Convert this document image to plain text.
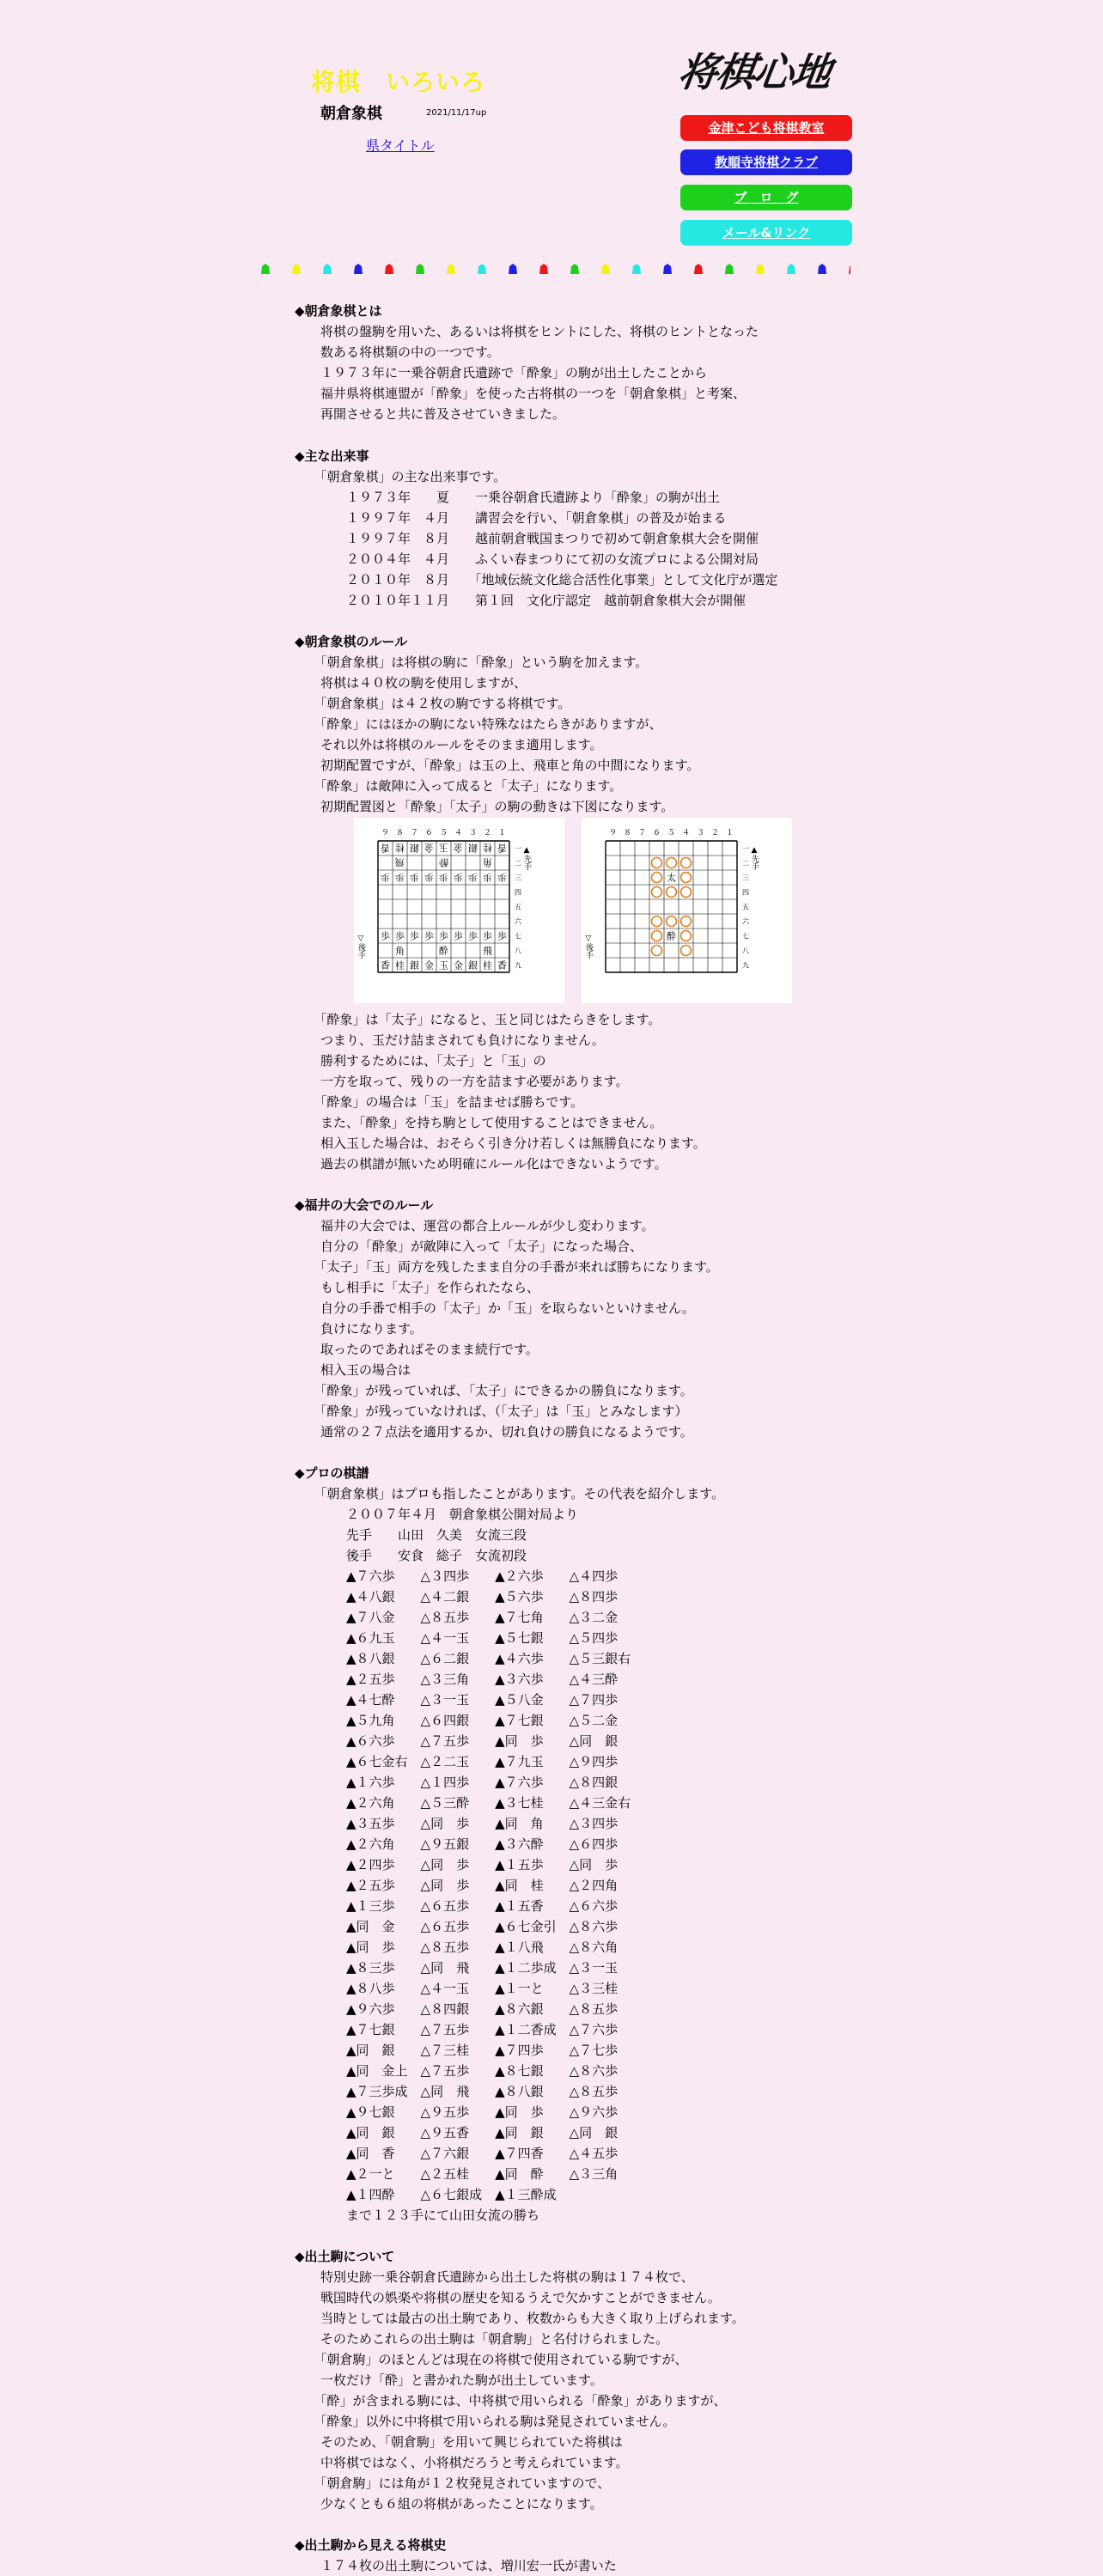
将棋　いろいろ
朝倉象棋	2021/11/17up
県タイトル
将棋心地
金津こども将棋教室
教順寺将棋クラブ
ブ　ロ　グ
メール&リンク
◆朝倉象棋とは
　　将棋の盤駒を用いた、あるいは将棋をヒントにした、将棋のヒントとなった
　　数ある将棋類の中の一つです。
　　１９７３年に一乗谷朝倉氏遺跡で「酔象」の駒が出土したことから
　　福井県将棋連盟が「酔象」を使った古将棋の一つを「朝倉象棋」と考案、
　　再開させると共に普及させていきました。
◆主な出来事
　　「朝倉象棋」の主な出来事です。
　　　　１９７３年　　夏　　一乗谷朝倉氏遺跡より「酔象」の駒が出土
　　　　１９９７年　４月　　講習会を行い、「朝倉象棋」の普及が始まる
　　　　１９９７年　８月　　越前朝倉戦国まつりで初めて朝倉象棋大会を開催
　　　　２００４年　４月　　ふくい春まつりにて初の女流プロによる公開対局
　　　　２０１０年　８月　　「地域伝統文化総合活性化事業」として文化庁が選定
　　　　２０１０年１１月　　第１回　文化庁認定　越前朝倉象棋大会が開催
◆朝倉象棋のルール
　　「朝倉象棋」は将棋の駒に「酔象」という駒を加えます。
　　将棋は４０枚の駒を使用しますが、
　　「朝倉象棋」は４２枚の駒でする将棋です。
　　「酔象」にはほかの駒にない特殊なはたらきがありますが、
　　それ以外は将棋のルールをそのまま適用します。
　　初期配置ですが、「酔象」は玉の上、飛車と角の中間になります。
　　「酔象」は敵陣に入って成ると「太子」になります。
　　初期配置図と「酔象」「太子」の駒の動きは下図になります。
９ ８ ７ ６ ５ ４ ３ ２ １
一
二
三
四
五
六
七
八
九
▲先手
▽後手
香 桂 銀 金 玉 金 銀 桂 香
飛	酔	角
歩
歩
歩
歩
歩
歩
歩
歩
歩
歩
歩
歩
歩
歩
歩
歩
歩
歩
角	酔	飛
香 桂 銀 金 玉 金 銀 桂 香
９ ８ ７ ６ ５ ４ ３ ２ １
一
二
三
四
五
六
七
八
九
▲先手
▽後手
太
酔
　　「酔象」は「太子」になると、玉と同じはたらきをします。
　　つまり、玉だけ詰まされても負けになりません。
　　勝利するためには、「太子」と「玉」の
　　一方を取って、残りの一方を詰ます必要があります。
　　「酔象」の場合は「玉」を詰ませば勝ちです。
　　また、「酔象」を持ち駒として使用することはできません。
　　相入玉した場合は、おそらく引き分け若しくは無勝負になります。
　　過去の棋譜が無いため明確にルール化はできないようです。
◆福井の大会でのルール
　　福井の大会では、運営の都合上ルールが少し変わります。
　　自分の「酔象」が敵陣に入って「太子」になった場合、
　　「太子」「玉」両方を残したまま自分の手番が来れば勝ちになります。
　　もし相手に「太子」を作られたなら、
　　自分の手番で相手の「太子」か「玉」を取らないといけません。
　　負けになります。
　　取ったのであればそのまま続行です。
　　相入玉の場合は
　　「酔象」が残っていれば、「太子」にできるかの勝負になります。
　　「酔象」が残っていなければ、（「太子」は「玉」とみなします）
　　通常の２７点法を適用するか、切れ負けの勝負になるようです。
◆プロの棋譜
　　「朝倉象棋」はプロも指したことがあります。その代表を紹介します。
　　　　２００７年４月　朝倉象棋公開対局より
　　　　先手　　山田　久美　女流三段
　　　　後手　　安食　総子　女流初段
　　　　▲７六歩　　△３四歩　　▲２六歩　　△４四歩
　　　　▲４八銀　　△４二銀　　▲５六歩　　△８四歩
　　　　▲７八金　　△８五歩　　▲７七角　　△３二金
　　　　▲６九玉　　△４一玉　　▲５七銀　　△５四歩
　　　　▲８八銀　　△６二銀　　▲４六歩　　△５三銀右
　　　　▲２五歩　　△３三角　　▲３六歩　　△４三酔
　　　　▲４七酔　　△３一玉　　▲５八金　　△７四歩
　　　　▲５九角　　△６四銀　　▲７七銀　　△５二金
　　　　▲６六歩　　△７五歩　　▲同　歩　　△同　銀
　　　　▲６七金右　△２二玉　　▲７九玉　　△９四歩
　　　　▲１六歩　　△１四歩　　▲７六歩　　△８四銀
　　　　▲２六角　　△５三酔　　▲３七桂　　△４三金右
　　　　▲３五歩　　△同　歩　　▲同　角　　△３四歩
　　　　▲２六角　　△９五銀　　▲３六酔　　△６四歩
　　　　▲２四歩　　△同　歩　　▲１五歩　　△同　歩
　　　　▲２五歩　　△同　歩　　▲同　桂　　△２四角
　　　　▲１三歩　　△６五歩　　▲１五香　　△６六歩
　　　　▲同　金　　△６五歩　　▲６七金引　△８六歩
　　　　▲同　歩　　△８五歩　　▲１八飛　　△８六角
　　　　▲８三歩　　△同　飛　　▲１二歩成　△３一玉
　　　　▲８八歩　　△４一玉　　▲１一と　　△３三桂
　　　　▲９六歩　　△８四銀　　▲８六銀　　△８五歩
　　　　▲７七銀　　△７五歩　　▲１二香成　△７六歩
　　　　▲同　銀　　△７三桂　　▲７四歩　　△７七歩
　　　　▲同　金上　△７五歩　　▲８七銀　　△８六歩
　　　　▲７三歩成　△同　飛　　▲８八銀　　△８五歩
　　　　▲９七銀　　△９五歩　　▲同　歩　　△９六歩
　　　　▲同　銀　　△９五香　　▲同　銀　　△同　銀
　　　　▲同　香　　△７六銀　　▲７四香　　△４五歩
　　　　▲２一と　　△２五桂　　▲同　酔　　△３三角
　　　　▲１四酔　　△６七銀成　▲１三酔成
　　　　まで１２３手にて山田女流の勝ち
◆出土駒について
　　特別史跡一乗谷朝倉氏遺跡から出土した将棋の駒は１７４枚で、
　　戦国時代の娯楽や将棋の歴史を知るうえで欠かすことができません。
　　当時としては最古の出土駒であり、枚数からも大きく取り上げられます。
　　そのためこれらの出土駒は「朝倉駒」と名付けられました。
　　「朝倉駒」のほとんどは現在の将棋で使用されている駒ですが、
　　一枚だけ「酔」と書かれた駒が出土しています。
　　「酔」が含まれる駒には、中将棋で用いられる「酔象」がありますが、
　　「酔象」以外に中将棋で用いられる駒は発見されていません。
　　そのため、「朝倉駒」を用いて興じられていた将棋は
　　中将棋ではなく、小将棋だろうと考えられています。
　　「朝倉駒」には角が１２枚発見されていますので、
　　少なくとも６組の将棋があったことになります。
◆出土駒から見える将棋史
　　１７４枚の出土駒については、増川宏一氏が書いた
